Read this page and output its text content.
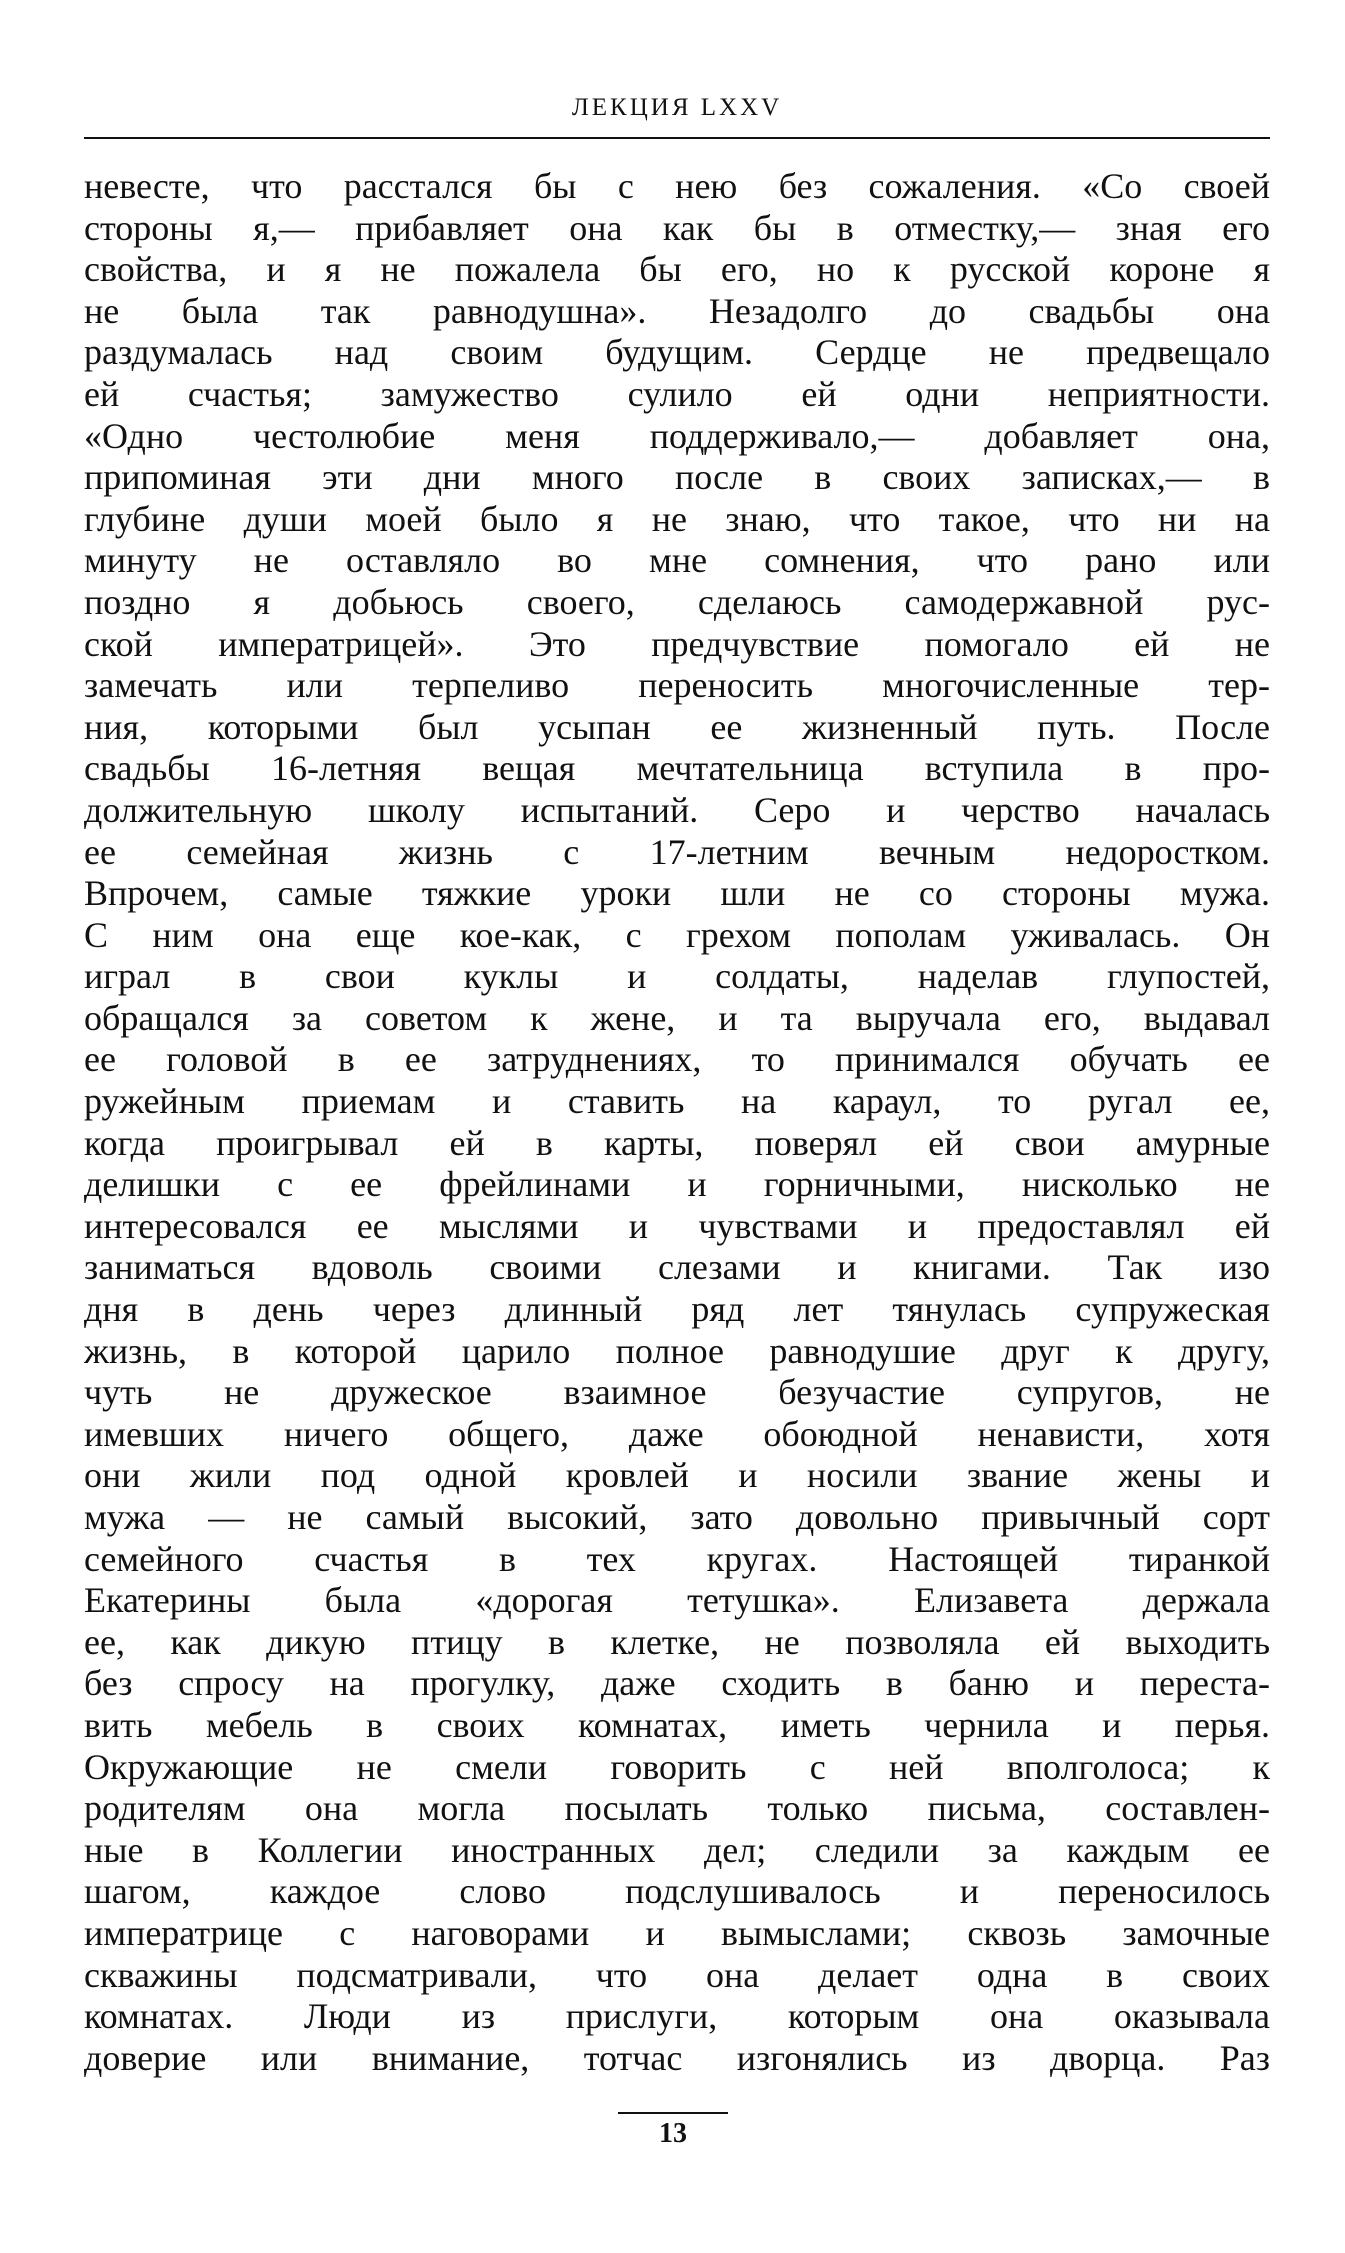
ЛЕКЦИЯ LXXV
невесте, что расстался бы с нею без сожаления. «Со своей
стороны я,— прибавляет она как бы в отместку,— зная его
свойства, и я не пожалела бы его, но к русской короне я
не была так равнодушна». Незадолго до свадьбы она
раздумалась над своим будущим. Сердце не предвещало
ей счастья; замужество сулило ей одни неприятности.
«Одно честолюбие меня поддерживало,— добавляет она,
припоминая эти дни много после в своих записках,— в
глубине души моей было я не знаю, что такое, что ни на
минуту не оставляло во мне сомнения, что рано или
поздно я добьюсь своего, сделаюсь самодержавной рус-
ской императрицей». Это предчувствие помогало ей не
замечать или терпеливо переносить многочисленные тер-
ния, которыми был усыпан ее жизненный путь. После
свадьбы 16-летняя вещая мечтательница вступила в про-
должительную школу испытаний. Серо и черство началась
ее семейная жизнь с 17-летним вечным недоростком.
Впрочем, самые тяжкие уроки шли не со стороны мужа.
С ним она еще кое-как, с грехом пополам уживалась. Он
играл в свои куклы и солдаты, наделав глупостей,
обращался за советом к жене, и та выручала его, выдавал
ее головой в ее затруднениях, то принимался обучать ее
ружейным приемам и ставить на караул, то ругал ее,
когда проигрывал ей в карты, поверял ей свои амурные
делишки с ее фрейлинами и горничными, нисколько не
интересовался ее мыслями и чувствами и предоставлял ей
заниматься вдоволь своими слезами и книгами. Так изо
дня в день через длинный ряд лет тянулась супружеская
жизнь, в которой царило полное равнодушие друг к другу,
чуть не дружеское взаимное безучастие супругов, не
имевших ничего общего, даже обоюдной ненависти, хотя
они жили под одной кровлей и носили звание жены и
мужа — не самый высокий, зато довольно привычный сорт
семейного счастья в тех кругах. Настоящей тиранкой
Екатерины была «дорогая тетушка». Елизавета держала
ее, как дикую птицу в клетке, не позволяла ей выходить
без спросу на прогулку, даже сходить в баню и переста-
вить мебель в своих комнатах, иметь чернила и перья.
Окружающие не смели говорить с ней вполголоса; к
родителям она могла посылать только письма, составлен-
ные в Коллегии иностранных дел; следили за каждым ее
шагом, каждое слово подслушивалось и переносилось
императрице с наговорами и вымыслами; сквозь замочные
скважины подсматривали, что она делает одна в своих
комнатах. Люди из прислуги, которым она оказывала
доверие или внимание, тотчас изгонялись из дворца. Раз
13
